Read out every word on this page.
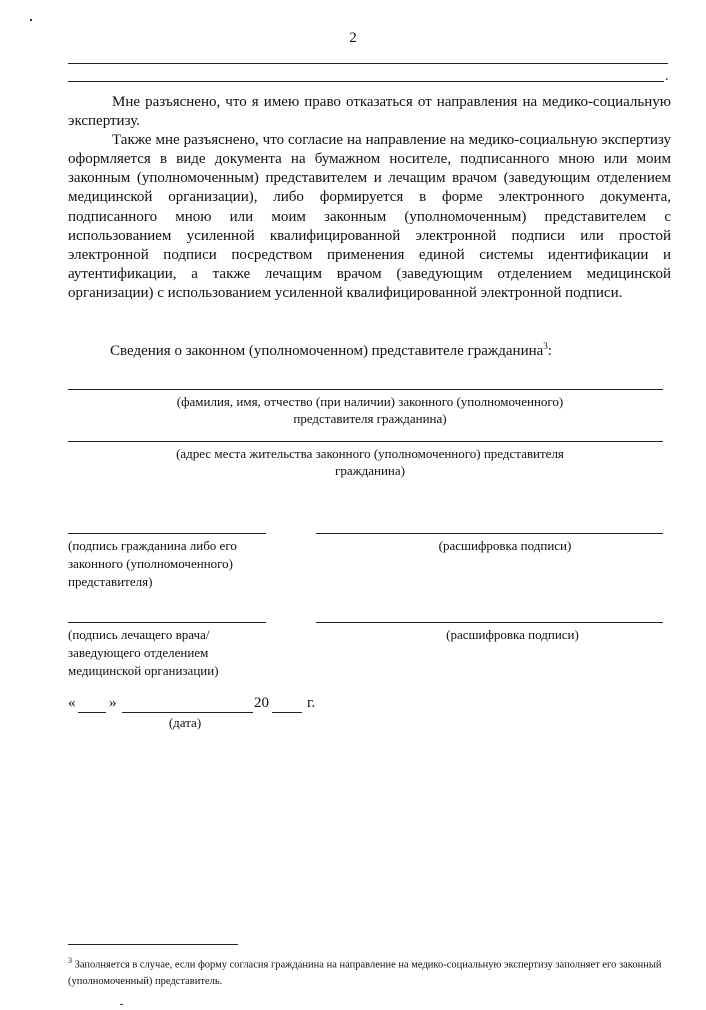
2
.

Мне разъяснено, что я имею право отказаться от направления на медико-социальную экспертизу.

Также мне разъяснено, что согласие на направление на медико-социальную экспертизу оформляется в виде документа на бумажном носителе, подписанного мною или моим законным (уполномоченным) представителем и лечащим врачом (заведующим отделением медицинской организации), либо формируется в форме электронного документа, подписанного мною или моим законным (уполномоченным) представителем с использованием усиленной квалифицированной электронной подписи или простой электронной подписи посредством применения единой системы идентификации и аутентификации, а также лечащим врачом (заведующим отделением медицинской организации) с использованием усиленной квалифицированной электронной подписи.

Сведения о законном (уполномоченном) представителе гражданина$^3$:
(фамилия, имя, отчество (при наличии) законного (уполномоченного) представителя гражданина)
(адрес места жительства законного (уполномоченного) представителя гражданина)
(подпись гражданина либо его законного (уполномоченного) представителя)
(расшифровка подписи)
(подпись лечащего врача/ заведующего отделением медицинской организации)
(расшифровка подписи)
« »	20	г.
(дата)
$^3$ Заполняется в случае, если форму согласия гражданина на направление на медико-социальную экспертизу заполняет его законный (уполномоченный) представитель.
